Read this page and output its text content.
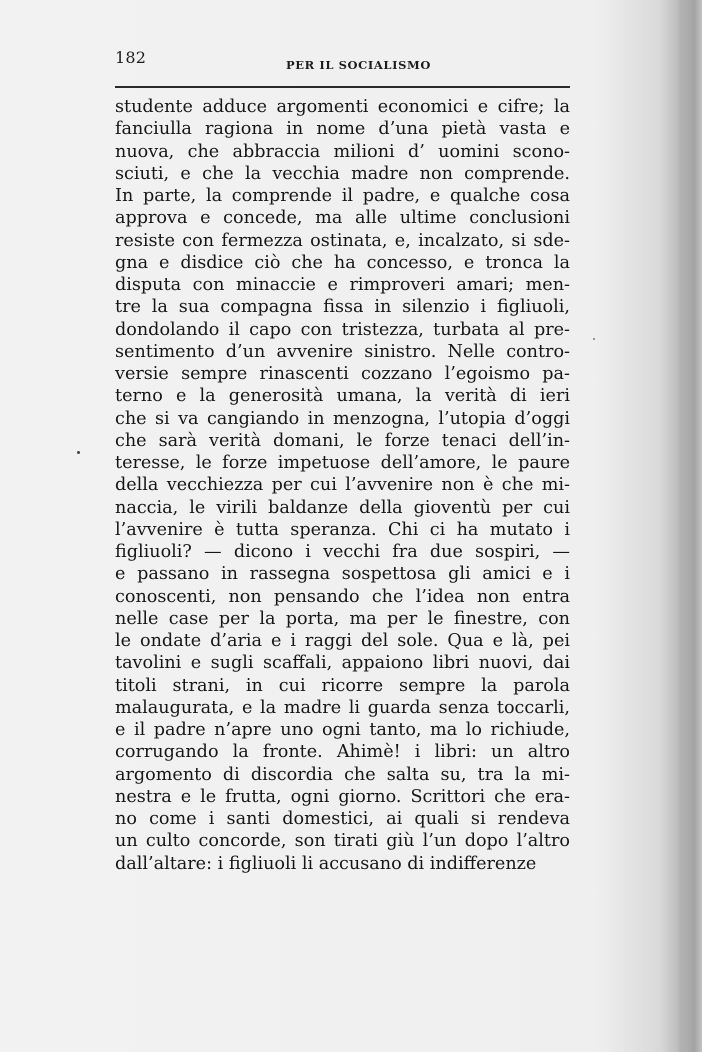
182	PER IL SOCIALISMO
studente adduce argomenti economici e cifre; la
fanciulla ragiona in nome d’una pietà vasta e
nuova, che abbraccia milioni d’ uomini scono-
sciuti, e che la vecchia madre non comprende.
In parte, la comprende il padre, e qualche cosa
approva e concede, ma alle ultime conclusioni
resiste con fermezza ostinata, e, incalzato, si sde-
gna e disdice ciò che ha concesso, e tronca la
disputa con minaccie e rimproveri amari; men-
tre la sua compagna fissa in silenzio i figliuoli,
dondolando il capo con tristezza, turbata al pre-
sentimento d’un avvenire sinistro. Nelle contro-
versie sempre rinascenti cozzano l’egoismo pa-
terno e la generosità umana, la verità di ieri
che si va cangiando in menzogna, l’utopia d’oggi
che sarà verità domani, le forze tenaci dell’in-
teresse, le forze impetuose dell’amore, le paure
della vecchiezza per cui l’avvenire non è che mi-
naccia, le virili baldanze della gioventù per cui
l’avvenire è tutta speranza. Chi ci ha mutato i
figliuoli? — dicono i vecchi fra due sospiri, —
e passano in rassegna sospettosa gli amici e i
conoscenti, non pensando che l’idea non entra
nelle case per la porta, ma per le finestre, con
le ondate d’aria e i raggi del sole. Qua e là, pei
tavolini e sugli scaffali, appaiono libri nuovi, dai
titoli strani, in cui ricorre sempre la parola
malaugurata, e la madre li guarda senza toccarli,
e il padre n’apre uno ogni tanto, ma lo richiude,
corrugando la fronte. Ahimè! i libri: un altro
argomento di discordia che salta su, tra la mi-
nestra e le frutta, ogni giorno. Scrittori che era-
no come i santi domestici, ai quali si rendeva
un culto concorde, son tirati giù l’un dopo l’altro
dall’altare: i figliuoli li accusano di indifferenze
